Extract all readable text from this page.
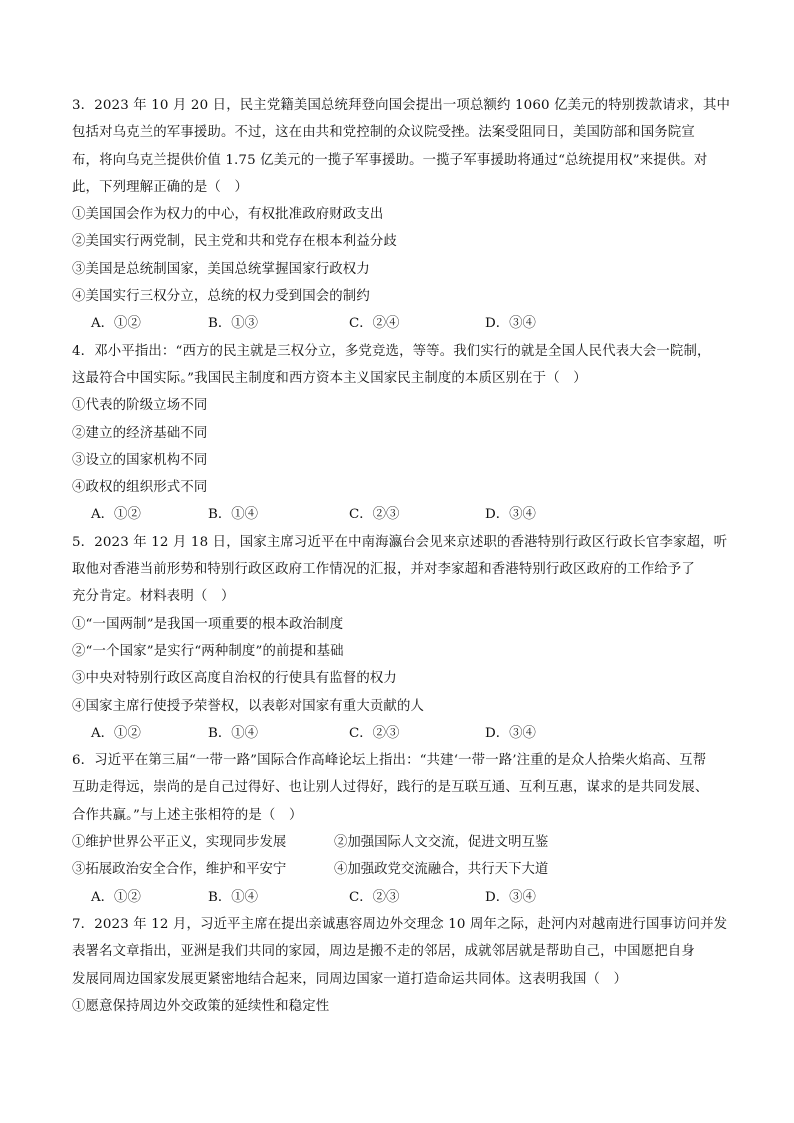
3．2023 年 10 月 20 日，民主党籍美国总统拜登向国会提出一项总额约 1060 亿美元的特别拨款请求，其中
包括对乌克兰的军事援助。不过，这在由共和党控制的众议院受挫。法案受阻同日，美国防部和国务院宣
布，将向乌克兰提供价值 1.75 亿美元的一揽子军事援助。一揽子军事援助将通过“总统提用权”来提供。对
此，下列理解正确的是（　）
①美国国会作为权力的中心，有权批准政府财政支出
②美国实行两党制，民主党和共和党存在根本利益分歧
③美国是总统制国家，美国总统掌握国家行政权力
④美国实行三权分立，总统的权力受到国会的制约
A．①②	B．①③	C．②④	D．③④
4．邓小平指出：“西方的民主就是三权分立，多党竞选，等等。我们实行的就是全国人民代表大会一院制，
这最符合中国实际。”我国民主制度和西方资本主义国家民主制度的本质区别在于（　）
①代表的阶级立场不同
②建立的经济基础不同
③设立的国家机构不同
④政权的组织形式不同
A．①②	B．①④	C．②③	D．③④
5．2023 年 12 月 18 日，国家主席习近平在中南海瀛台会见来京述职的香港特别行政区行政长官李家超，听
取他对香港当前形势和特别行政区政府工作情况的汇报，并对李家超和香港特别行政区政府的工作给予了
充分肯定。材料表明（　）
①“一国两制”是我国一项重要的根本政治制度
②“一个国家”是实行“两种制度”的前提和基础
③中央对特别行政区高度自治权的行使具有监督的权力
④国家主席行使授予荣誉权，以表彰对国家有重大贡献的人
A．①②	B．①④	C．②③	D．③④
6．习近平在第三届“一带一路”国际合作高峰论坛上指出：“共建‘一带一路’注重的是众人拾柴火焰高、互帮
互助走得远，崇尚的是自己过得好、也让别人过得好，践行的是互联互通、互利互惠，谋求的是共同发展、
合作共赢。”与上述主张相符的是（　）
①维护世界公平正义，实现同步发展	②加强国际人文交流，促进文明互鉴
③拓展政治安全合作，维护和平安宁	④加强政党交流融合，共行天下大道
A．①②	B．①④	C．②③	D．③④
7．2023 年 12 月，习近平主席在提出亲诚惠容周边外交理念 10 周年之际，赴河内对越南进行国事访问并发
表署名文章指出，亚洲是我们共同的家园，周边是搬不走的邻居，成就邻居就是帮助自己，中国愿把自身
发展同周边国家发展更紧密地结合起来，同周边国家一道打造命运共同体。这表明我国（　）
①愿意保持周边外交政策的延续性和稳定性
